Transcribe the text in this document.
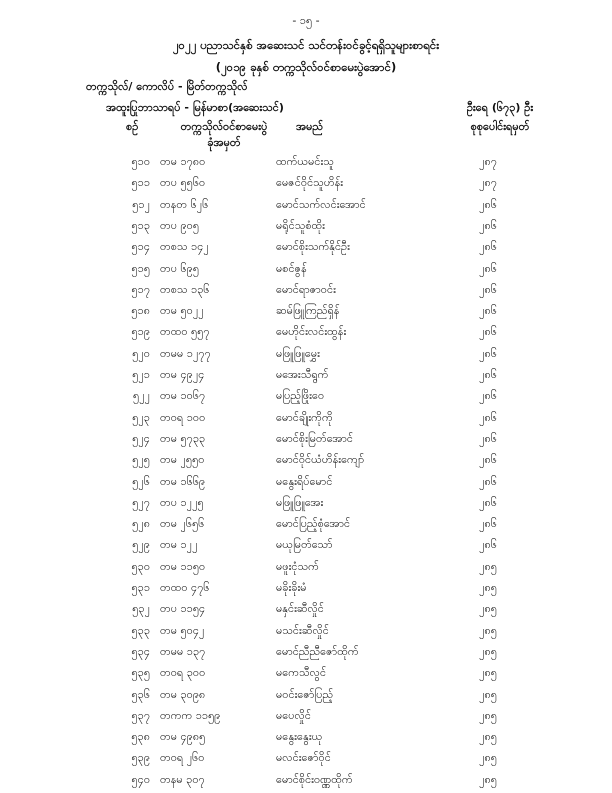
- ၁၅ -
၂၀၂၂ ပညာသင်နှစ် အဆေးသင် သင်တန်းဝင်ခွင့်ရရှိသူများစာရင်း
(၂၀၁၉ ခုနှစ် တက္ကသိုလ်ဝင်စာမေးပွဲအောင်)
တက္ကသိုလ်/ ကောလိပ် - မြိတ်တက္ကသိုလ်
အထူးပြုဘာသာရပ် - မြန်မာစာ(အဆေးသင်)	ဦးရေ (၆၇၃) ဦး
စုစုပေါင်းရမှတ်
စဉ်	တက္ကသိုလ်ဝင်စာမေးပွဲ
ခုံအမှတ်
အမည်
၅၁၀ တမ ၁၇၈၀	ထက်ယမင်းသူ	၂၈၇
၅၁၁ တပ ၅၅၆၀	မေဇင်ဝိုင်သူဟိန်း	၂၈၇
၅၁၂ တနတ ၆၂၆	မောင်သက်လင်းအောင်	၂၈၆
၅၁၃ တပ ၉၀၅	မရိုင်သူစံထိုး	၂၈၆
၅၁၄ တစသ ၁၄၂	မောင်စိုးသက်နိုင်ဦး	၂၈၆
၅၁၅ တပ ၆၉၅	မစင်ဇွန်	၂၈၆
၅၁၇ တစသ ၁၃၆	မောင်ရာဇာဝင်း	၂၈၆
၅၁၈ တမ ၅၀၂၂	ဆမ်ဖြူကြည်ရှိန်	၂၈၆
၅၁၉ တထဝ ၅၅၇	မေဟိုင်းလင်းထွန်း	၂၈၆
၅၂၀ တမမ ၁၂၇၇	မဖြူဖြူမွှေး	၂၈၆
၅၂၁ တမ ၄၉၂၄	မအေးသီရွက်	၂၈၆
၅၂၂ တမ ၁၀၆၇	မပြည့်ဖြိုးဝေ	၂၈၆
၅၂၃ တဝရ ၁၀၀	မောင်ချိုးကိုကို	၂၈၆
၅၂၄ တမ ၅၇၃၃	မောင်စိုးမြတ်အောင်	၂၈၆
၅၂၅ တမ ၂၅၅၀	မောင်ဝိုင်ယံဟိန်းကျော်	၂၈၆
၅၂၆ တမ ၁၆၆၉	မနွေးရိပ်မောင်	၂၈၆
၅၂၇ တပ ၁၂၂၅	မဖြူဖြူအေး	၂၈၆
၅၂၈ တမ ၂၆၅၆	မောင်ပြည့်စုံအောင်	၂၈၆
၅၂၉ တမ ၁၂၂	မယုမြတ်သော်	၂၈၆
၅၃၀ တမ ၁၁၅၀	မဖူးငုံသက်	၂၈၅
၅၃၁ တထဝ ၄၇၆	မခိုးခိုးမံ	၂၈၅
၅၃၂ တပ ၁၁၅၄	မနှင်းဆီလှိုင်	၂၈၅
၅၃၃ တမ ၅၀၄၂	မသင်းဆီလှိုင်	၂၈၅
၅၃၄ တမမ ၁၃၇	မောင်ညီညီဇော်ထိုက်	၂၈၅
၅၃၅ တဝရ ၃၀၀	မကေသီလွင်	၂၈၅
၅၃၆ တမ ၃၀၉၈	မဝင်းဇော်ပြည့်	၂၈၅
၅၃၇ တကက ၁၁၅၉	မပေလှိုင်	၂၈၅
၅၃၈ တမ ၄၉၈၅	မနွေးနွေးယု	၂၈၅
၅၃၉ တဝရ ၂၆၀	မလင်းဇော်ဝိုင်	၂၈၅
၅၄၀ တနမ ၃၀၇	မောင်စိုင်းဝဏ္ဏထိုက်	၂၈၅
